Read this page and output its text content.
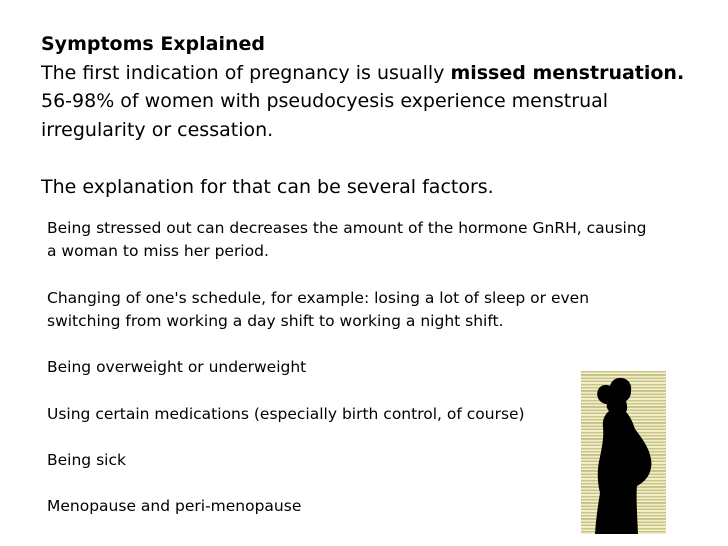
Symptoms Explained

The first indication of pregnancy is usually missed menstruation. 56-98% of women with pseudocyesis experience menstrual irregularity or cessation.

The explanation for that can be several factors.

Being stressed out can decreases the amount of the hormone GnRH, causing a woman to miss her period.

Changing of one's schedule, for example: losing a lot of sleep or even switching from working a day shift to working a night shift.

Being overweight or underweight

Using certain medications (especially birth control, of course)

Being sick

Menopause and peri-menopause
